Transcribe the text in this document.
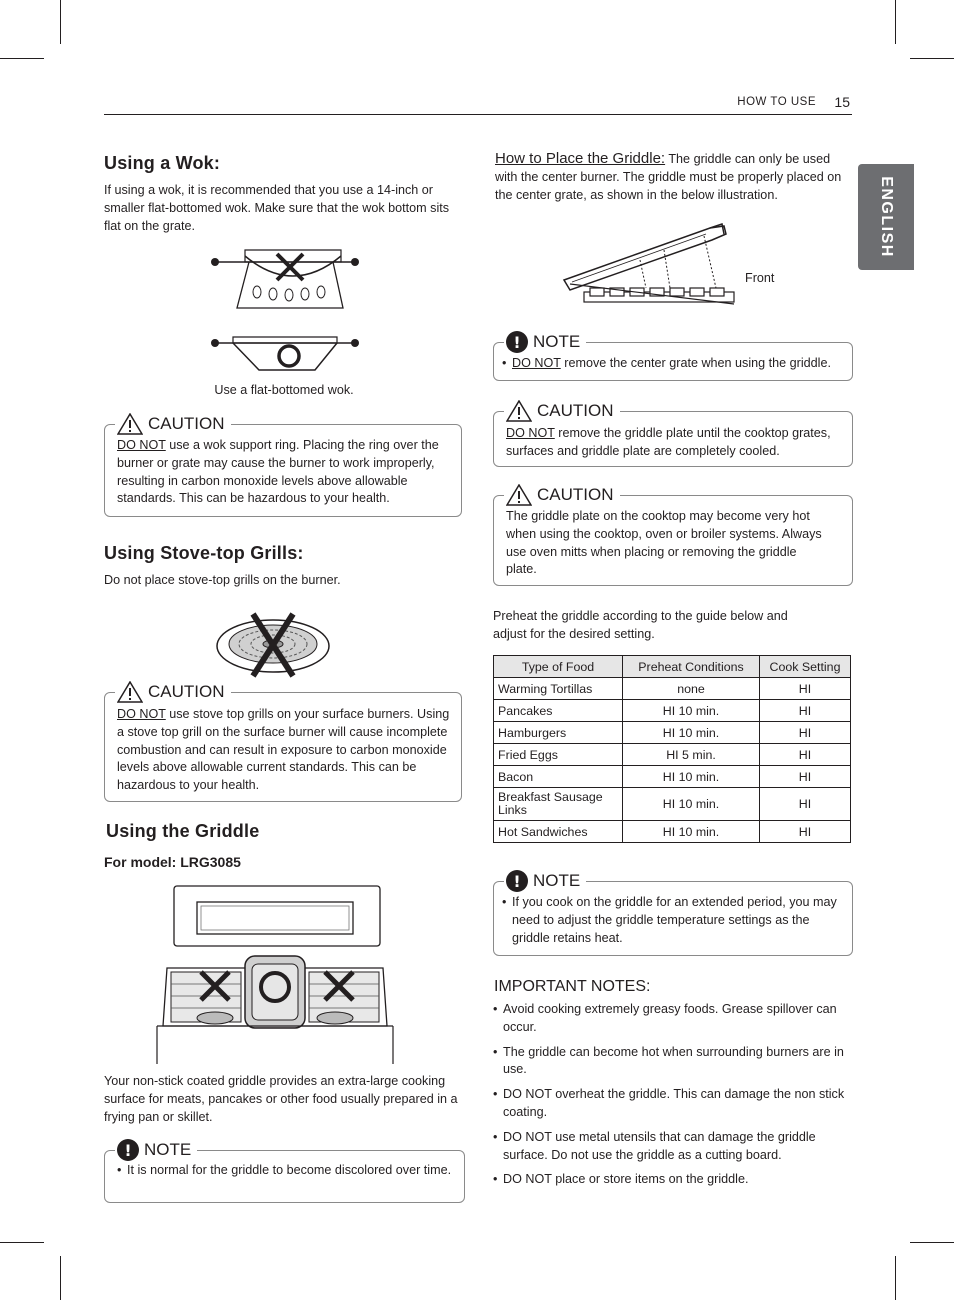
HOW TO USE 15
ENGLISH
Using a Wok:
If using a wok, it is recommended that you use a 14-inch or smaller flat-bottomed wok. Make sure that the wok bottom sits flat on the grate.
Use a flat-bottomed wok.
CAUTION
DO NOT use a wok support ring. Placing the ring over the burner or grate may cause the burner to work improperly, resulting in carbon monoxide levels above allowable standards. This can be hazardous to your health.
Using Stove-top Grills:
Do not place stove-top grills on the burner.
CAUTION
DO NOT use stove top grills on your surface burners. Using a stove top grill on the surface burner will cause incomplete combustion and can result in exposure to carbon monoxide levels above allowable current standards. This can be hazardous to your health.
Using the Griddle
For model: LRG3085
Your non-stick coated griddle provides an extra-large cooking surface for meats, pancakes or other food usually prepared in a frying pan or skillet.
! NOTE
• It is normal for the griddle to become discolored over time.
How to Place the Griddle: The griddle can only be used
with the center burner. The griddle must be properly placed on the center grate, as shown in the below illustration.
Front
! NOTE
• DO NOT remove the center grate when using the griddle.
CAUTION
DO NOT remove the griddle plate until the cooktop grates, surfaces and griddle plate are completely cooled.
CAUTION
The griddle plate on the cooktop may become very hot when using the cooktop, oven or broiler systems. Always use oven mitts when placing or removing the griddle plate.
Preheat the griddle according to the guide below and adjust for the desired setting.
Type of Food	Preheat Conditions	Cook Setting
Warming Tortillas	none	HI
Pancakes	HI 10 min.	HI
Hamburgers	HI 10 min.	HI
Fried Eggs	HI 5 min.	HI
Bacon	HI 10 min.	HI
Breakfast Sausage Links	HI 10 min.	HI
Hot Sandwiches	HI 10 min.	HI
! NOTE
• If you cook on the griddle for an extended period, you may need to adjust the griddle temperature settings as the griddle retains heat.
IMPORTANT NOTES:
• Avoid cooking extremely greasy foods. Grease spillover can occur.
• The griddle can become hot when surrounding burners are in use.
• DO NOT overheat the griddle. This can damage the non stick coating.
• DO NOT use metal utensils that can damage the griddle surface. Do not use the griddle as a cutting board.
• DO NOT place or store items on the griddle.
